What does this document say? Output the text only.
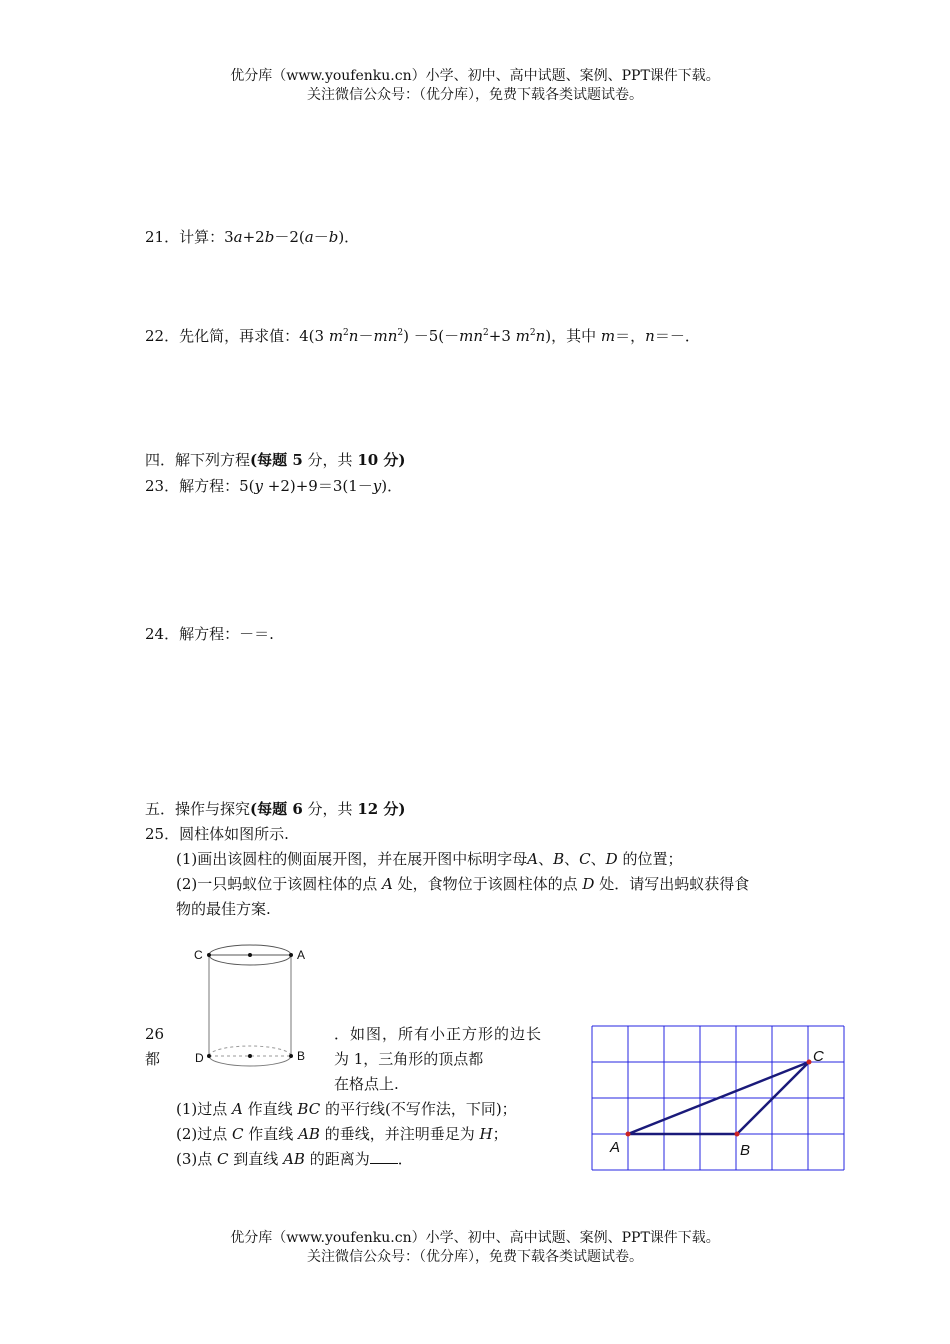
优分库（www.youfenku.cn）小学、初中、高中试题、案例、PPT课件下载。
关注微信公众号：（优分库），免费下载各类试题试卷。
21．计算：3a+2b－2(a－b)．
22．先化简，再求值：4(3 $m^2n-mn^2) -5(-mn^2+3$ $m^2n$)，其中 m＝，n＝－．
四．解下列方程(每题 5 分，共 10 分)
23．解方程：5(y +2)+9＝3(1－y)．
24．解方程：－＝.
五．操作与探究(每题 6 分，共 12 分)
25．圆柱体如图所示.
(1)画出该圆柱的侧面展开图，并在展开图中标明字母A、B、C、D 的位置；
(2)一只蚂蚁位于该圆柱体的点 A 处，食物位于该圆柱体的点 D 处．请写出蚂蚁获得食
物的最佳方案.
C	A
D	B
26
都
．如图，所有小正方形的边长
为 1，三角形的顶点都
在格点上.
(1)过点 A 作直线 BC 的平行线(不写作法，下同)；
(2)过点 C 作直线 AB 的垂线，并注明垂足为 H；
(3)点 C 到直线 AB 的距离为 ．
A	B
C
优分库（www.youfenku.cn）小学、初中、高中试题、案例、PPT课件下载。
关注微信公众号：（优分库），免费下载各类试题试卷。
